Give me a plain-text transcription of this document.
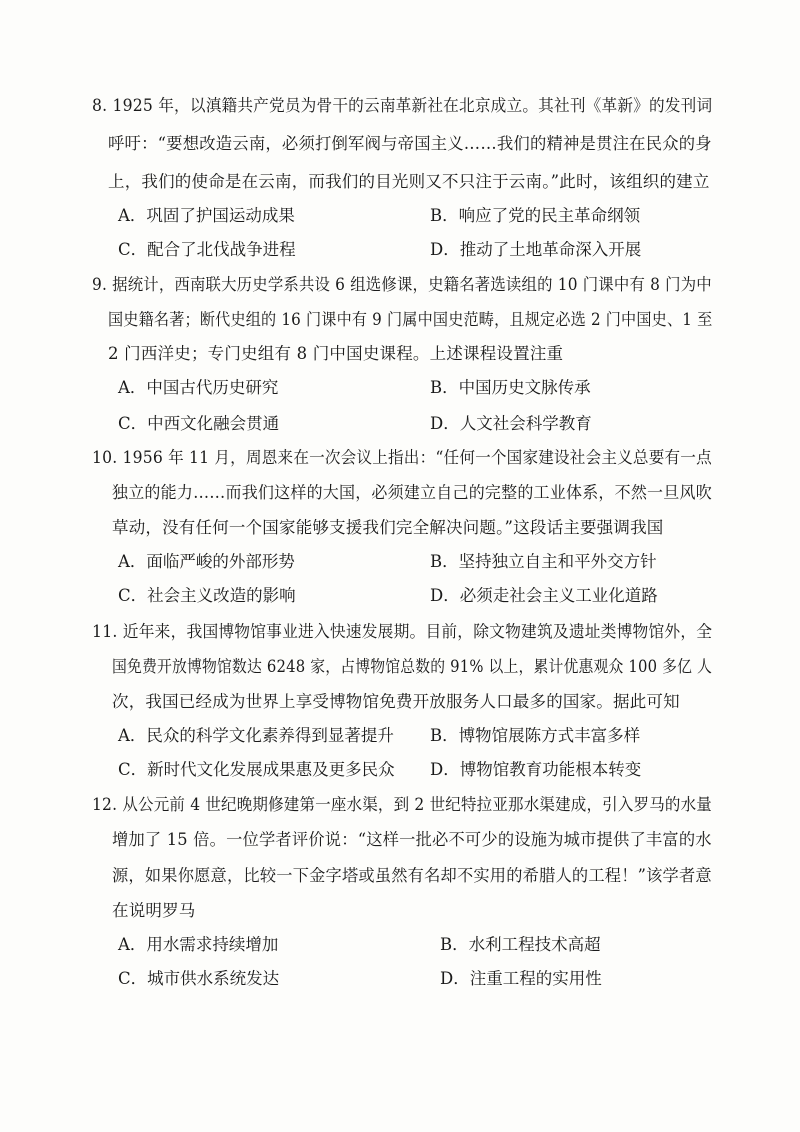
8. 1925 年，以滇籍共产党员为骨干的云南革新社在北京成立。其社刊《革新》的发刊词
呼吁：“要想改造云南，必须打倒军阀与帝国主义……我们的精神是贯注在民众的身
上，我们的使命是在云南，而我们的目光则又不只注于云南。”此时，该组织的建立
A．巩固了护国运动成果	B．响应了党的民主革命纲领
C．配合了北伐战争进程	D．推动了土地革命深入开展
9. 据统计，西南联大历史学系共设 6 组选修课，史籍名著选读组的 10 门课中有 8 门为中
国史籍名著；断代史组的 16 门课中有 9 门属中国史范畴，且规定必选 2 门中国史、1 至
2 门西洋史；专门史组有 8 门中国史课程。上述课程设置注重
A．中国古代历史研究	B．中国历史文脉传承
C．中西文化融会贯通	D．人文社会科学教育
10. 1956 年 11 月，周恩来在一次会议上指出：“任何一个国家建设社会主义总要有一点
独立的能力……而我们这样的大国，必须建立自己的完整的工业体系，不然一旦风吹
草动，没有任何一个国家能够支援我们完全解决问题。”这段话主要强调我国
A．面临严峻的外部形势	B．坚持独立自主和平外交方针
C．社会主义改造的影响	D．必须走社会主义工业化道路
11. 近年来，我国博物馆事业进入快速发展期。目前，除文物建筑及遗址类博物馆外，全
国免费开放博物馆数达 6248 家，占博物馆总数的 91% 以上，累计优惠观众 100 多亿 人
次，我国已经成为世界上享受博物馆免费开放服务人口最多的国家。据此可知
A．民众的科学文化素养得到显著提升 B．博物馆展陈方式丰富多样
C．新时代文化发展成果惠及更多民众 D．博物馆教育功能根本转变
12. 从公元前 4 世纪晚期修建第一座水渠，到 2 世纪特拉亚那水渠建成，引入罗马的水量
增加了 15 倍。一位学者评价说：“这样一批必不可少的设施为城市提供了丰富的水
源，如果你愿意，比较一下金字塔或虽然有名却不实用的希腊人的工程！”该学者意
在说明罗马
A．用水需求持续增加	B．水利工程技术高超
C．城市供水系统发达	D．注重工程的实用性
